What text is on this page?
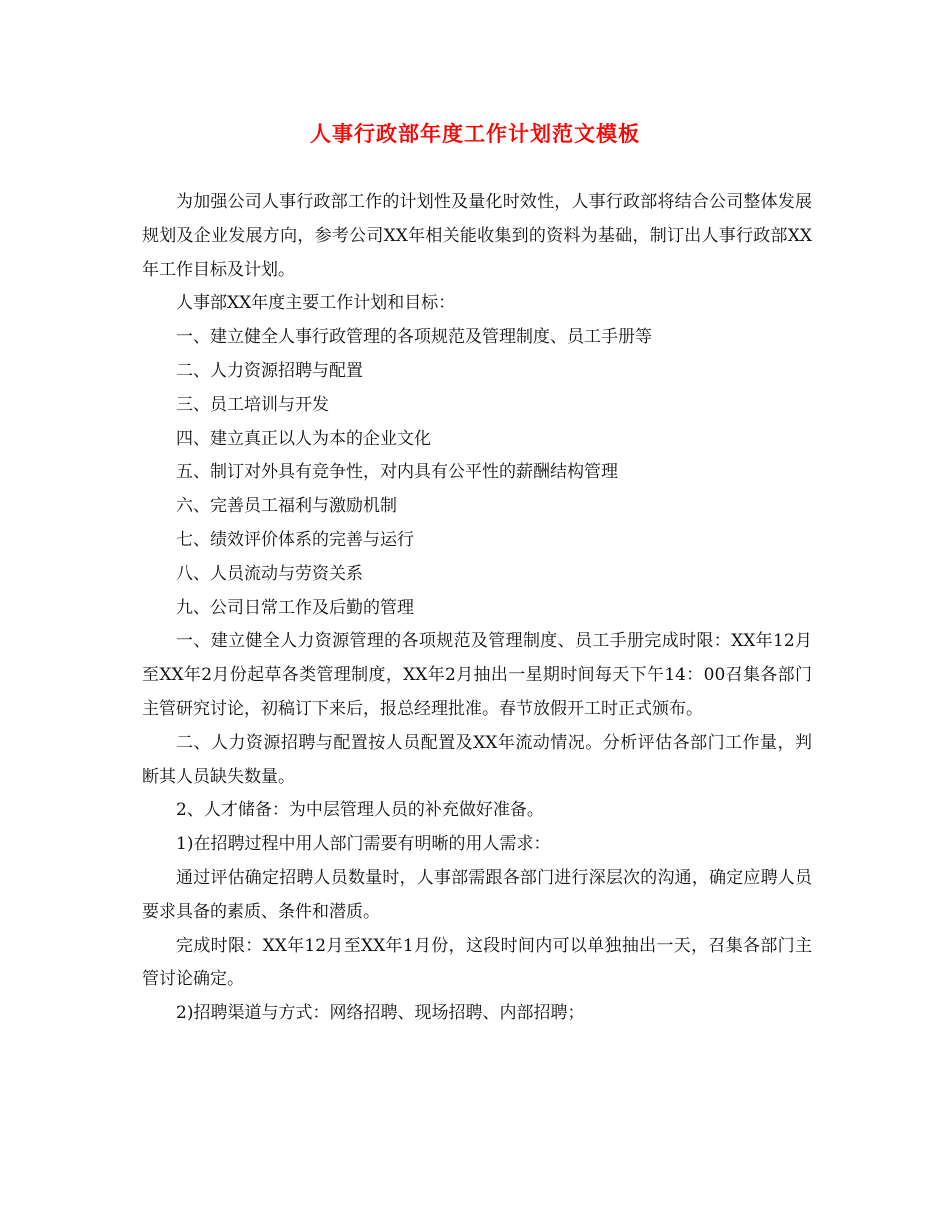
人事行政部年度工作计划范文模板

为加强公司人事行政部工作的计划性及量化时效性，人事行政部将结合公司整体发展规划及企业发展方向，参考公司XX年相关能收集到的资料为基础，制订出人事行政部XX年工作目标及计划。

人事部XX年度主要工作计划和目标：

一、建立健全人事行政管理的各项规范及管理制度、员工手册等

二、人力资源招聘与配置

三、员工培训与开发

四、建立真正以人为本的企业文化

五、制订对外具有竞争性，对内具有公平性的薪酬结构管理

六、完善员工福利与激励机制

七、绩效评价体系的完善与运行

八、人员流动与劳资关系

九、公司日常工作及后勤的管理

一、建立健全人力资源管理的各项规范及管理制度、员工手册完成时限：XX年12月至XX年2月份起草各类管理制度，XX年2月抽出一星期时间每天下午14：00召集各部门主管研究讨论，初稿订下来后，报总经理批准。春节放假开工时正式颁布。

二、人力资源招聘与配置按人员配置及XX年流动情况。分析评估各部门工作量，判断其人员缺失数量。

2、人才储备：为中层管理人员的补充做好准备。

1)在招聘过程中用人部门需要有明晰的用人需求：

通过评估确定招聘人员数量时，人事部需跟各部门进行深层次的沟通，确定应聘人员要求具备的素质、条件和潜质。

完成时限：XX年12月至XX年1月份，这段时间内可以单独抽出一天，召集各部门主管讨论确定。

2)招聘渠道与方式：网络招聘、现场招聘、内部招聘；
